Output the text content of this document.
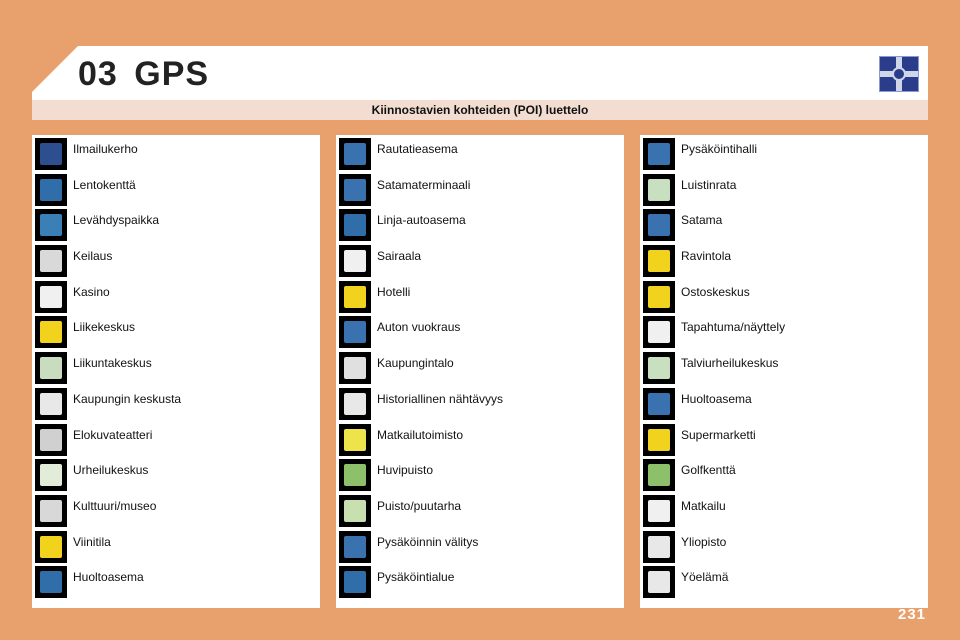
03 GPS
Kiinnostavien kohteiden (POI) luettelo
Ilmailukerho
Lentokenttä
Levähdyspaikka
Keilaus
Kasino
Liikekeskus
Liikuntakeskus
Kaupungin keskusta
Elokuvateatteri
Urheilukeskus
Kulttuuri/museo
Viinitila
Huoltoasema
Rautatieasema
Satamaterminaali
Linja-autoasema
Sairaala
Hotelli
Auton vuokraus
Kaupungintalo
Historiallinen nähtävyys
Matkailutoimisto
Huvipuisto
Puisto/puutarha
Pysäköinnin välitys
Pysäköintialue
Pysäköintihalli
Luistinrata
Satama
Ravintola
Ostoskeskus
Tapahtuma/näyttely
Talviurheilukeskus
Huoltoasema
Supermarketti
Golfkenttä
Matkailu
Yliopisto
Yöelämä
231
